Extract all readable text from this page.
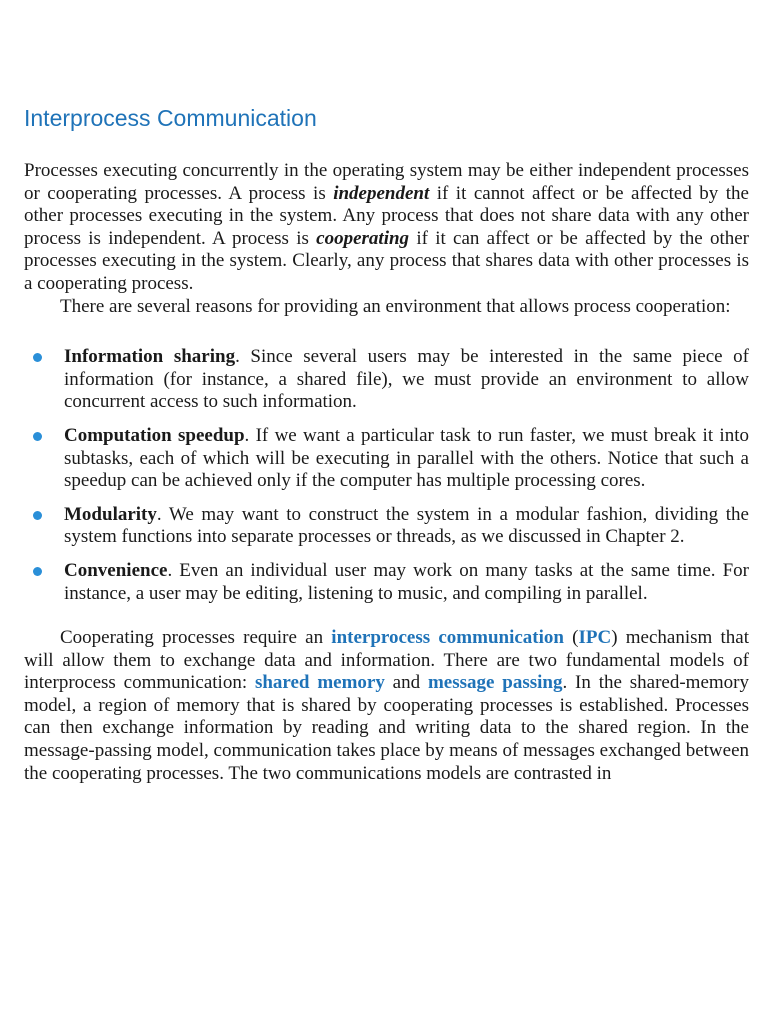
Interprocess Communication

Processes executing concurrently in the operating system may be either independent processes or cooperating processes. A process is independent if it cannot affect or be affected by the other processes executing in the system. Any process that does not share data with any other process is independent. A process is cooperating if it can affect or be affected by the other processes executing in the system. Clearly, any process that shares data with other processes is a cooperating process.

There are several reasons for providing an environment that allows process cooperation:

Information sharing. Since several users may be interested in the same piece of information (for instance, a shared file), we must provide an environment to allow concurrent access to such information.
Computation speedup. If we want a particular task to run faster, we must break it into subtasks, each of which will be executing in parallel with the others. Notice that such a speedup can be achieved only if the computer has multiple processing cores.
Modularity. We may want to construct the system in a modular fashion, dividing the system functions into separate processes or threads, as we discussed in Chapter 2.
Convenience. Even an individual user may work on many tasks at the same time. For instance, a user may be editing, listening to music, and compiling in parallel.

Cooperating processes require an interprocess communication (IPC) mechanism that will allow them to exchange data and information. There are two fundamental models of interprocess communication: shared memory and message passing. In the shared-memory model, a region of memory that is shared by cooperating processes is established. Processes can then exchange information by reading and writing data to the shared region. In the message-passing model, communication takes place by means of messages exchanged between the cooperating processes. The two communications models are contrasted in
